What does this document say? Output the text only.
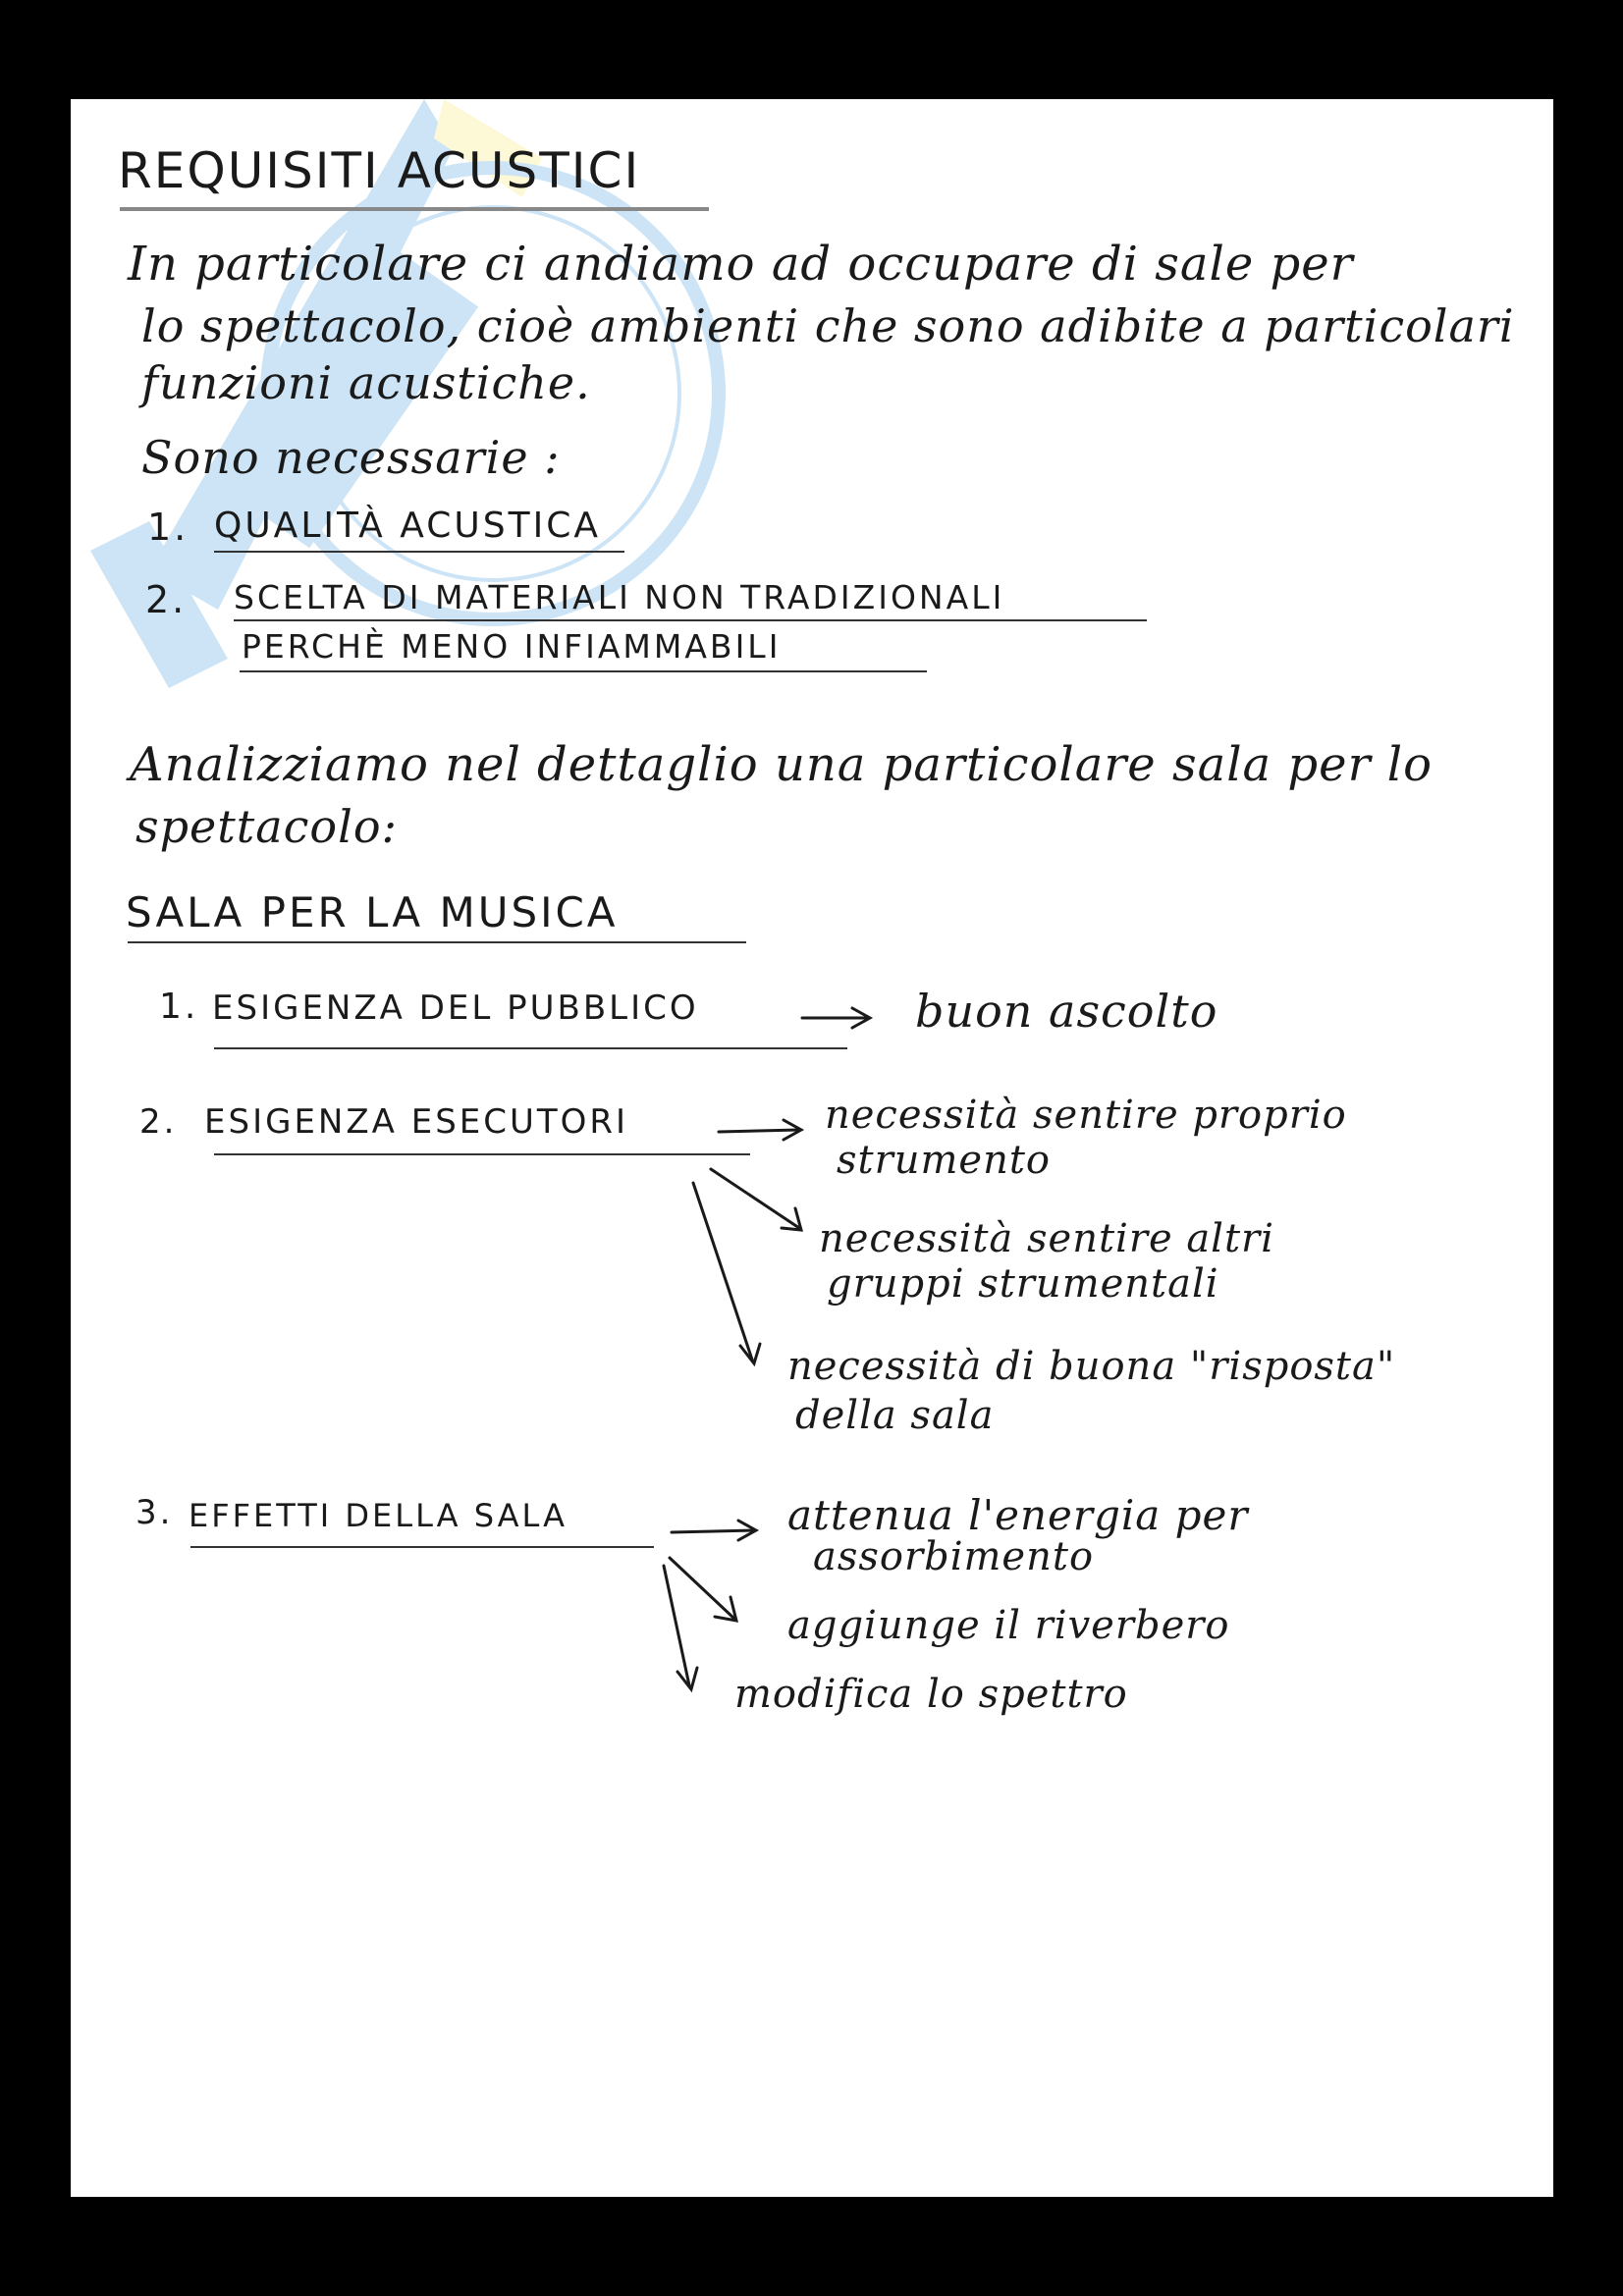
REQUISITI ACUSTICI
In particolare ci andiamo ad occupare di sale per
lo spettacolo, cioè ambienti che sono adibite a particolari
funzioni acustiche.
Sono necessarie :
1. QUALITÀ ACUSTICA
2. SCELTA DI MATERIALI NON TRADIZIONALI
PERCHÈ MENO INFIAMMABILI
Analizziamo nel dettaglio una particolare sala per lo
spettacolo:
SALA PER LA MUSICA
1. ESIGENZA DEL PUBBLICO	buon ascolto
2. ESIGENZA ESECUTORI	necessità sentire proprio
strumento
necessità sentire altri
gruppi strumentali
necessità di buona "risposta"
della sala
3. EFFETTI DELLA SALA	attenua l'energia per
assorbimento
aggiunge il riverbero
modifica lo spettro
